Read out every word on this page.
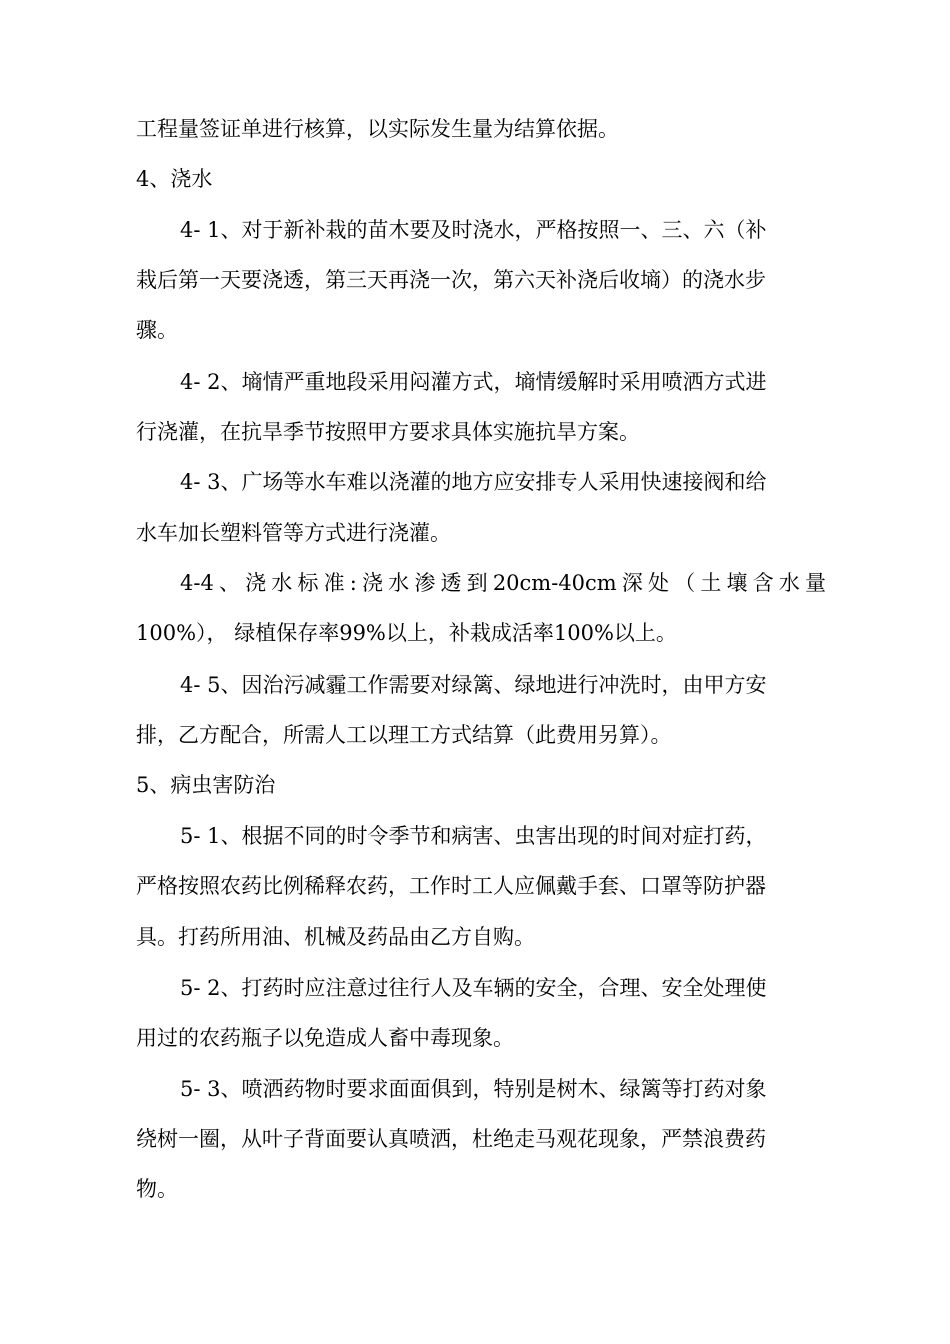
工程量签证单进行核算，以实际发生量为结算依据。
4、浇水
4- 1、对于新补栽的苗木要及时浇水，严格按照一、三、六（补
栽后第一天要浇透，第三天再浇一次，第六天补浇后收墒）的浇水步
骤。
4- 2、墒情严重地段采用闷灌方式，墒情缓解时采用喷洒方式进
行浇灌，在抗旱季节按照甲方要求具体实施抗旱方案。
4- 3、广场等水车难以浇灌的地方应安排专人采用快速接阀和给
水车加长塑料管等方式进行浇灌。
4-4、浇水标准:浇水渗透到20cm-40cm深处（土壤含水量
100%）， 绿植保存率99%以上，补栽成活率100%以上。
4- 5、因治污减霾工作需要对绿篱、绿地进行冲洗时，由甲方安
排，乙方配合，所需人工以理工方式结算（此费用另算）。
5、病虫害防治
5- 1、根据不同的时令季节和病害、虫害出现的时间对症打药，
严格按照农药比例稀释农药，工作时工人应佩戴手套、口罩等防护器
具。打药所用油、机械及药品由乙方自购。
5- 2、打药时应注意过往行人及车辆的安全，合理、安全处理使
用过的农药瓶子以免造成人畜中毒现象。
5- 3、喷洒药物时要求面面俱到，特别是树木、绿篱等打药对象
绕树一圈，从叶子背面要认真喷洒，杜绝走马观花现象，严禁浪费药
物。
